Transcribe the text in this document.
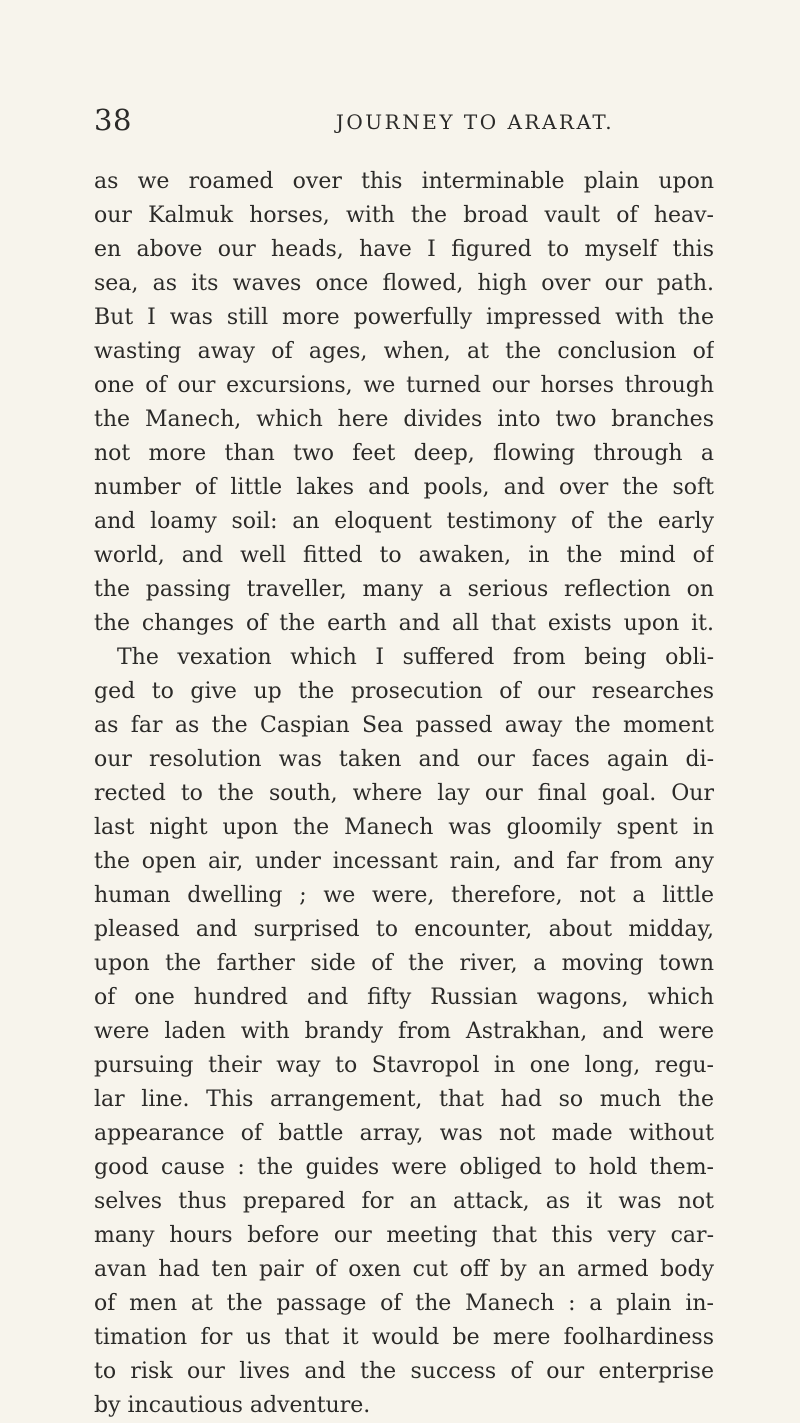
38	JOURNEY TO ARARAT.
as we roamed over this interminable plain upon
our Kalmuk horses, with the broad vault of heav-
en above our heads, have I figured to myself this
sea, as its waves once flowed, high over our path.
But I was still more powerfully impressed with the
wasting away of ages, when, at the conclusion of
one of our excursions, we turned our horses through
the Manech, which here divides into two branches
not more than two feet deep, flowing through a
number of little lakes and pools, and over the soft
and loamy soil: an eloquent testimony of the early
world, and well fitted to awaken, in the mind of
the passing traveller, many a serious reflection on
the changes of the earth and all that exists upon it.
The vexation which I suffered from being obli-
ged to give up the prosecution of our researches
as far as the Caspian Sea passed away the moment
our resolution was taken and our faces again di-
rected to the south, where lay our final goal. Our
last night upon the Manech was gloomily spent in
the open air, under incessant rain, and far from any
human dwelling ; we were, therefore, not a little
pleased and surprised to encounter, about midday,
upon the farther side of the river, a moving town
of one hundred and fifty Russian wagons, which
were laden with brandy from Astrakhan, and were
pursuing their way to Stavropol in one long, regu-
lar line. This arrangement, that had so much the
appearance of battle array, was not made without
good cause : the guides were obliged to hold them-
selves thus prepared for an attack, as it was not
many hours before our meeting that this very car-
avan had ten pair of oxen cut off by an armed body
of men at the passage of the Manech : a plain in-
timation for us that it would be mere foolhardiness
to risk our lives and the success of our enterprise
by incautious adventure.
